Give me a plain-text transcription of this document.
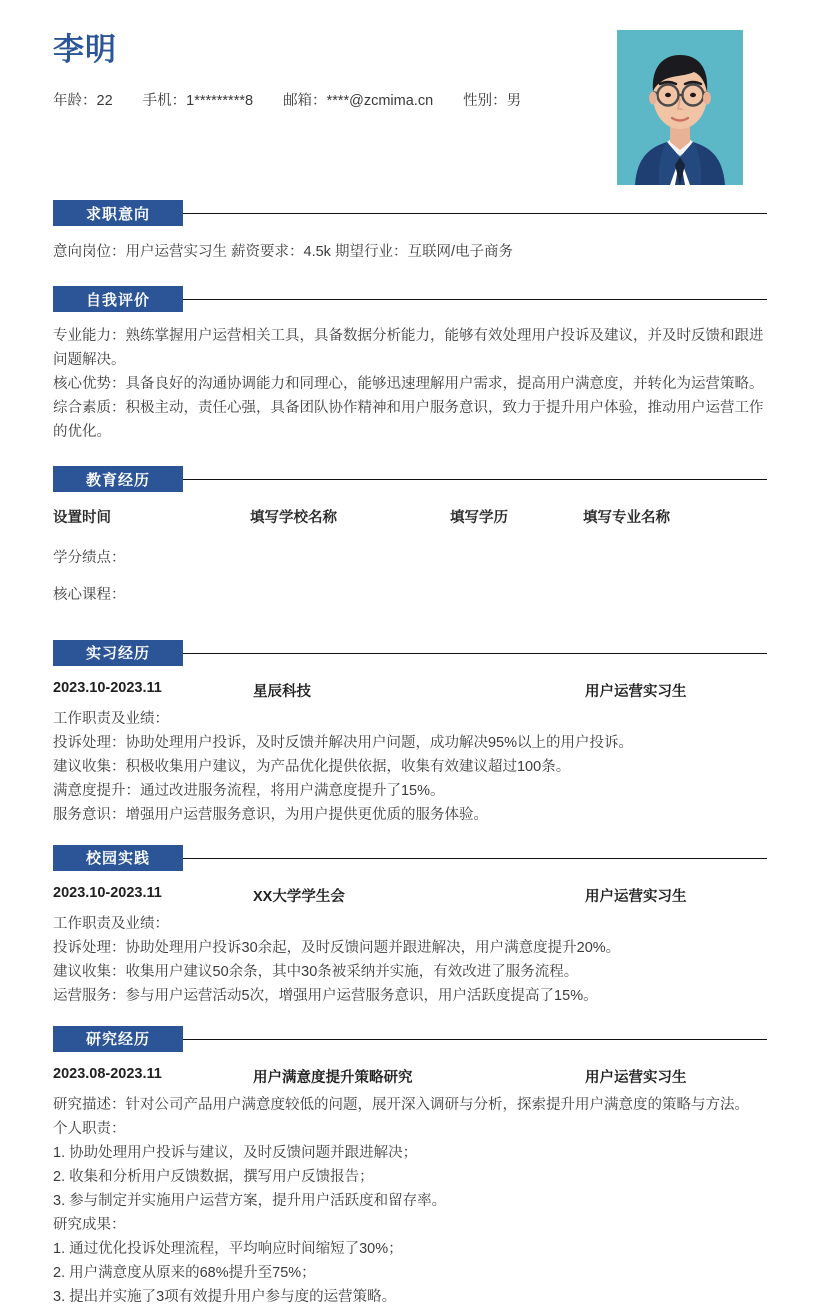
李明
年龄：22 手机：1*********8 邮箱：****@zcmima.cn 性别：男
求职意向

意向岗位：用户运营实习生 薪资要求：4.5k 期望行业：互联网/电子商务

自我评价

专业能力：熟练掌握用户运营相关工具，具备数据分析能力，能够有效处理用户投诉及建议，并及时反馈和跟进问题解决。

核心优势：具备良好的沟通协调能力和同理心，能够迅速理解用户需求，提高用户满意度，并转化为运营策略。

综合素质：积极主动，责任心强，具备团队协作精神和用户服务意识，致力于提升用户体验，推动用户运营工作的优化。

教育经历
设置时间	填写学校名称	填写学历	填写专业名称

学分绩点：

核心课程：

实习经历
2023.10-2023.11	星辰科技	用户运营实习生

工作职责及业绩：

投诉处理：协助处理用户投诉，及时反馈并解决用户问题，成功解决95%以上的用户投诉。

建议收集：积极收集用户建议，为产品优化提供依据，收集有效建议超过100条。

满意度提升：通过改进服务流程，将用户满意度提升了15%。

服务意识：增强用户运营服务意识，为用户提供更优质的服务体验。

校园实践
2023.10-2023.11	XX大学学生会	用户运营实习生

工作职责及业绩：

投诉处理：协助处理用户投诉30余起，及时反馈问题并跟进解决，用户满意度提升20%。

建议收集：收集用户建议50余条，其中30条被采纳并实施，有效改进了服务流程。

运营服务：参与用户运营活动5次，增强用户运营服务意识，用户活跃度提高了15%。

研究经历
2023.08-2023.11	用户满意度提升策略研究	用户运营实习生

研究描述：针对公司产品用户满意度较低的问题，展开深入调研与分析，探索提升用户满意度的策略与方法。

个人职责：

1. 协助处理用户投诉与建议，及时反馈问题并跟进解决；

2. 收集和分析用户反馈数据，撰写用户反馈报告；

3. 参与制定并实施用户运营方案，提升用户活跃度和留存率。

研究成果：

1. 通过优化投诉处理流程，平均响应时间缩短了30%；

2. 用户满意度从原来的68%提升至75%；

3. 提出并实施了3项有效提升用户参与度的运营策略。
